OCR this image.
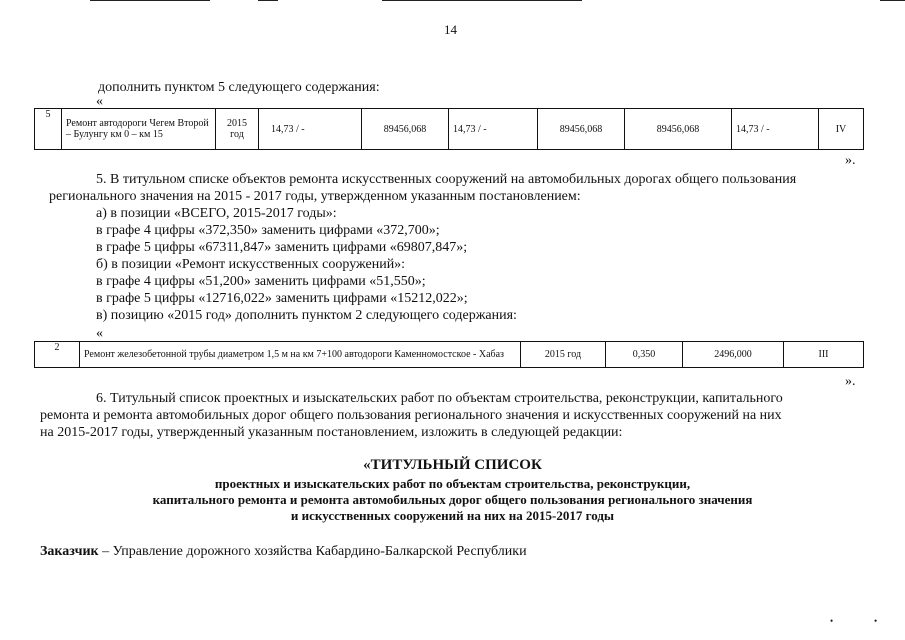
14
дополнить пунктом 5 следующего содержания:
«
5	Ремонт автодороги Чегем Второй – Булунгу км 0 – км 15	2015 год	14,73 / -	89456,068	14,73 / -	89456,068	89456,068	14,73 / -	IV
».
5. В титульном списке объектов ремонта искусственных сооружений на автомобильных дорогах общего пользования
регионального значения на 2015 - 2017 годы, утвержденном указанным постановлением:
а) в позиции «ВСЕГО, 2015-2017 годы»:
в графе 4 цифры «372,350» заменить цифрами «372,700»;
в графе 5 цифры «67311,847» заменить цифрами «69807,847»;
б) в позиции «Ремонт искусственных сооружений»:
в графе 4 цифры «51,200» заменить цифрами «51,550»;
в графе 5 цифры «12716,022» заменить цифрами «15212,022»;
в) позицию «2015 год» дополнить пунктом 2 следующего содержания:
«
2	Ремонт железобетонной трубы диаметром 1,5 м на км 7+100 автодороги Каменномостское - Хабаз	2015 год	0,350	2496,000	III
».
6. Титульный список проектных и изыскательских работ по объектам строительства, реконструкции, капитального
ремонта и ремонта автомобильных дорог общего пользования регионального значения и искусственных сооружений на них
на 2015-2017 годы, утвержденный указанным постановлением, изложить в следующей редакции:
«ТИТУЛЬНЫЙ СПИСОК
проектных и изыскательских работ по объектам строительства, реконструкции,
капитального ремонта и ремонта автомобильных дорог общего пользования регионального значения
и искусственных сооружений на них на 2015-2017 годы
Заказчик – Управление дорожного хозяйства Кабардино-Балкарской Республики
•	•
